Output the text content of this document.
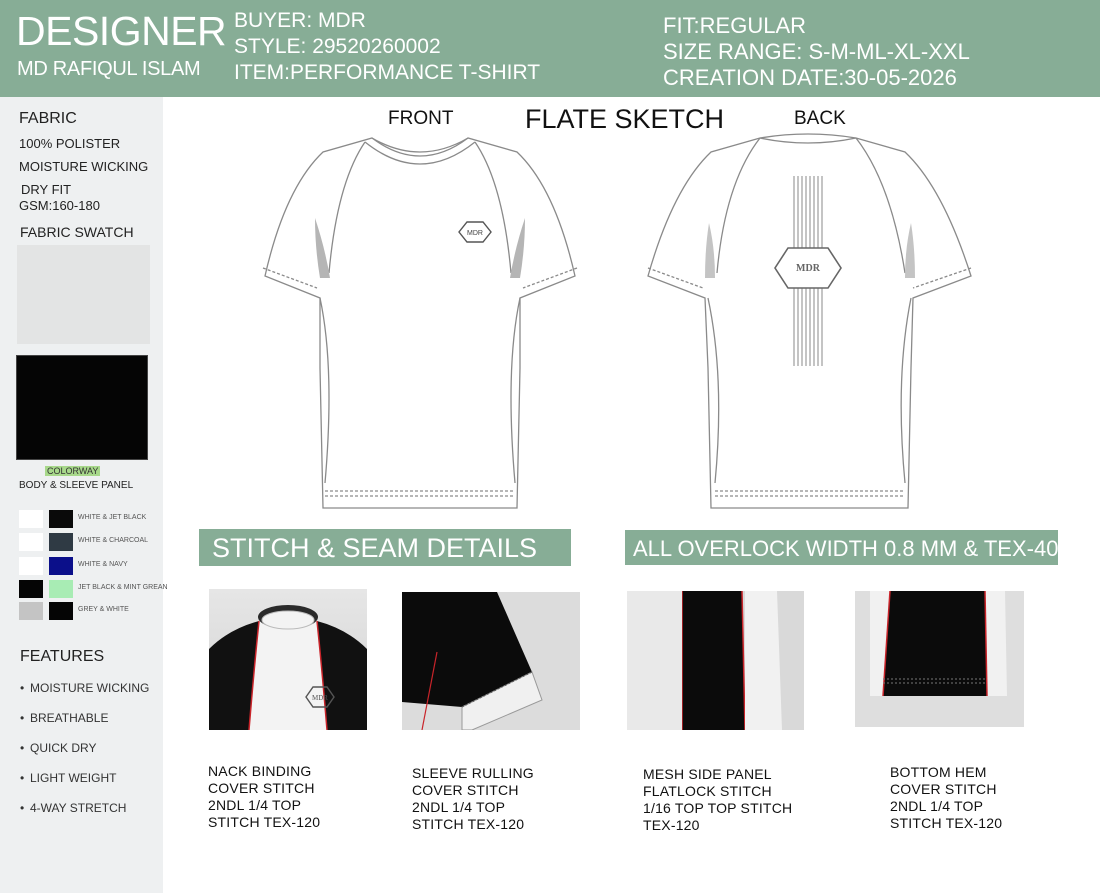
DESIGNER
MD RAFIQUL ISLAM
BUYER: MDR
STYLE: 29520260002
ITEM:PERFORMANCE T-SHIRT
FIT:REGULAR
SIZE RANGE: S-M-ML-XL-XXL
CREATION DATE:30-05-2026
FABRIC
100% POLISTER
MOISTURE WICKING
DRY FIT
GSM:160-180
FABRIC SWATCH
COLORWAY
BODY & SLEEVE PANEL
WHITE & JET BLACK
WHITE & CHARCOAL
WHITE & NAVY
JET BLACK & MINT GREAN
GREY & WHITE
FEATURES
• MOISTURE WICKING
• BREATHABLE
• QUICK DRY
• LIGHT WEIGHT
• 4-WAY STRETCH
FRONT	FLATE SKETCH	BACK
MDR
MDR
STITCH & SEAM DETAILS	ALL OVERLOCK WIDTH 0.8 MM & TEX-40
MDR
NACK BINDING
COVER STITCH
2NDL 1/4 TOP
STITCH TEX-120
SLEEVE RULLING
COVER STITCH
2NDL 1/4 TOP
STITCH TEX-120
MESH SIDE PANEL
FLATLOCK STITCH
1/16 TOP TOP STITCH
TEX-120
BOTTOM HEM
COVER STITCH
2NDL 1/4 TOP
STITCH TEX-120
